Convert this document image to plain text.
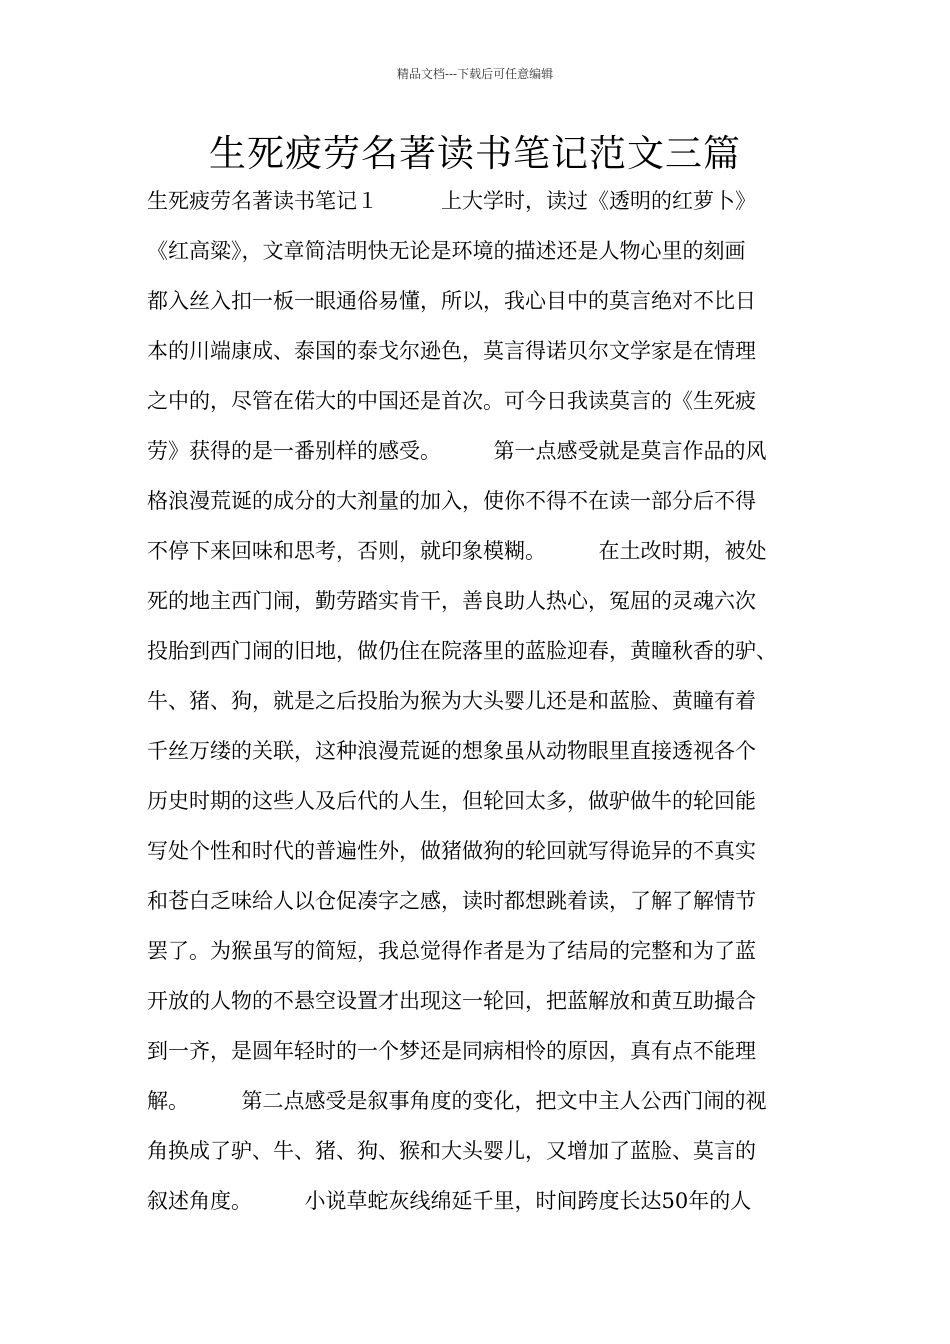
精品文档---下载后可任意编辑
生死疲劳名著读书笔记范文三篇
生死疲劳名著读书笔记１　　　上大学时，读过《透明的红萝卜》
《红高粱》，文章简洁明快无论是环境的描述还是人物心里的刻画
都入丝入扣一板一眼通俗易懂，所以，我心目中的莫言绝对不比日
本的川端康成、泰国的泰戈尔逊色，莫言得诺贝尔文学家是在情理
之中的，尽管在偌大的中国还是首次。可今日我读莫言的《生死疲
劳》获得的是一番别样的感受。　　　第一点感受就是莫言作品的风
格浪漫荒诞的成分的大剂量的加入，使你不得不在读一部分后不得
不停下来回味和思考，否则，就印象模糊。　　　在土改时期，被处
死的地主西门闹，勤劳踏实肯干，善良助人热心，冤屈的灵魂六次
投胎到西门闹的旧地，做仍住在院落里的蓝脸迎春，黄瞳秋香的驴、
牛、猪、狗，就是之后投胎为猴为大头婴儿还是和蓝脸、黄瞳有着
千丝万缕的关联，这种浪漫荒诞的想象虽从动物眼里直接透视各个
历史时期的这些人及后代的人生，但轮回太多，做驴做牛的轮回能
写处个性和时代的普遍性外，做猪做狗的轮回就写得诡异的不真实
和苍白乏味给人以仓促凑字之感，读时都想跳着读，了解了解情节
罢了。为猴虽写的简短，我总觉得作者是为了结局的完整和为了蓝
开放的人物的不悬空设置才出现这一轮回，把蓝解放和黄互助撮合
到一齐，是圆年轻时的一个梦还是同病相怜的原因，真有点不能理
解。　　　第二点感受是叙事角度的变化，把文中主人公西门闹的视
角换成了驴、牛、猪、狗、猴和大头婴儿，又增加了蓝脸、莫言的
叙述角度。　　　小说草蛇灰线绵延千里，时间跨度长达50年的人
